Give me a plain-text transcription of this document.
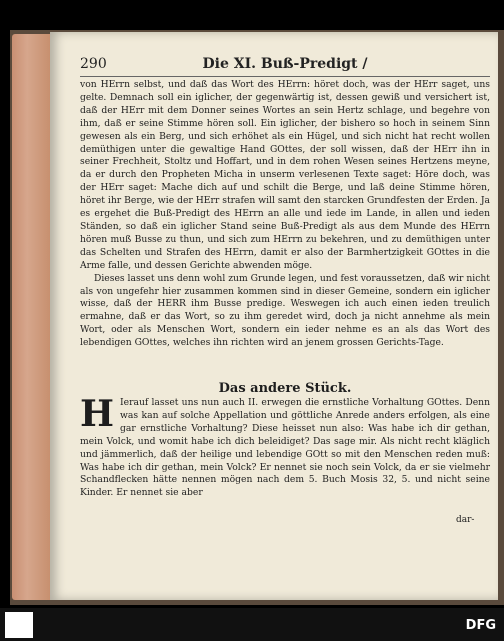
290	Die XI. Buß-Predigt /

von HErrn selbst, und daß das Wort des HErrn: höret doch, was der HErr saget, uns gelte. Demnach soll ein iglicher, der gegenwärtig ist, dessen gewiß und versichert ist, daß der HErr mit dem Donner seines Wortes an sein Hertz schlage, und begehre von ihm, daß er seine Stimme hören soll. Ein iglicher, der bishero so hoch in seinem Sinn gewesen als ein Berg, und sich erhöhet als ein Hügel, und sich nicht hat recht wollen demüthigen unter die gewaltige Hand GOttes, der soll wissen, daß der HErr ihn in seiner Frechheit, Stoltz und Hoffart, und in dem rohen Wesen seines Hertzens meyne, da er durch den Propheten Micha in unserm verlesenen Texte saget: Höre doch, was der HErr saget: Mache dich auf und schilt die Berge, und laß deine Stimme hören, höret ihr Berge, wie der HErr strafen will samt den starcken Grundfesten der Erden. Ja es ergehet die Buß-Predigt des HErrn an alle und iede im Lande, in allen und ieden Ständen, so daß ein iglicher Stand seine Buß-Predigt als aus dem Munde des HErrn hören muß Busse zu thun, und sich zum HErrn zu bekehren, und zu demüthigen unter das Schelten und Strafen des HErrn, damit er also der Barmhertzigkeit GOttes in die Arme falle, und dessen Gerichte abwenden möge.

Dieses lasset uns denn wohl zum Grunde legen, und fest voraussetzen, daß wir nicht als von ungefehr hier zusammen kommen sind in dieser Gemeine, sondern ein iglicher wisse, daß der HERR ihm Busse predige. Weswegen ich auch einen ieden treulich ermahne, daß er das Wort, so zu ihm geredet wird, doch ja nicht annehme als mein Wort, oder als Menschen Wort, sondern ein ieder nehme es an als das Wort des lebendigen GOttes, welches ihn richten wird an jenem grossen Gerichts-Tage.

Das andere Stück.
H Ierauf lasset uns nun auch II. erwegen die ernstliche Vorhaltung GOttes. Denn was kan auf solche Appellation und göttliche Anrede anders erfolgen, als eine gar ernstliche Vorhaltung? Diese heisset nun also: Was habe ich dir gethan, mein Volck, und womit habe ich dich beleidiget? Das sage mir. Als nicht recht kläglich und jämmerlich, daß der heilige und lebendige GOtt so mit den Menschen reden muß: Was habe ich dir gethan, mein Volck? Er nennet sie noch sein Volck, da er sie vielmehr Schandflecken hätte nennen mögen nach dem 5. Buch Mosis 32, 5. und nicht seine Kinder. Er nennet sie aber
dar-
DFG
